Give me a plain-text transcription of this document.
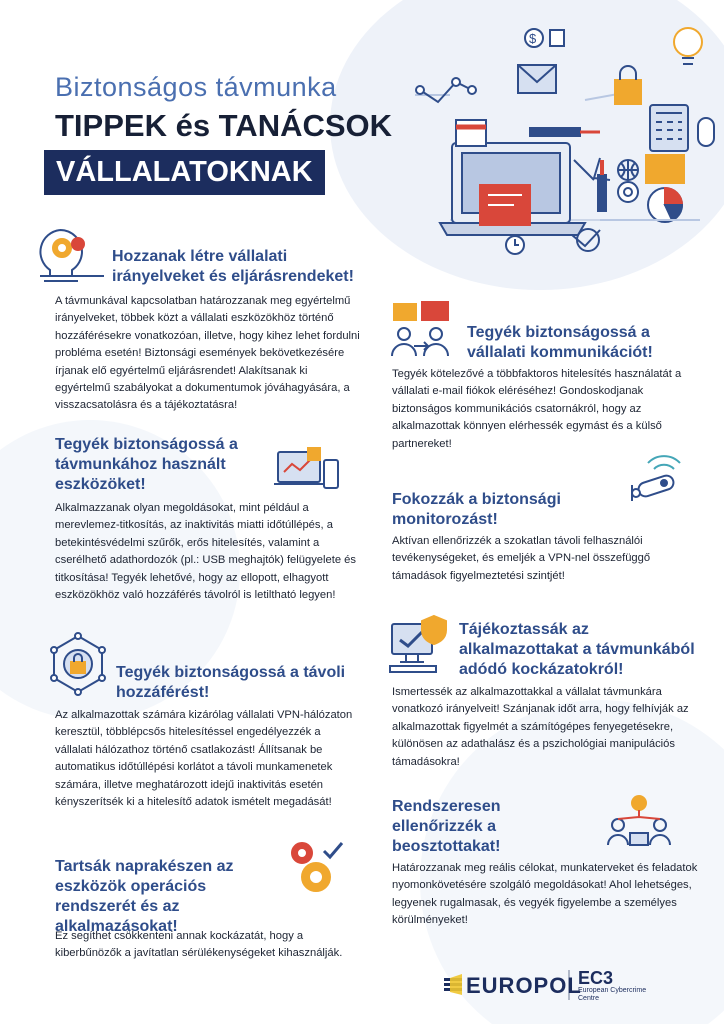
Biztonságos távmunka
TIPPEK és TANÁCSOK
VÁLLALATOKNAK
$
Hozzanak létre vállalati irányelveket és eljárásrendeket!
A távmunkával kapcsolatban határozzanak meg egyértelmű irányelveket, többek közt a vállalati eszközökhöz történő hozzáférésekre vonatkozóan, illetve, hogy kihez lehet fordulni probléma esetén! Biztonsági események bekövetkezésére írjanak elő egyértelmű eljárásrendet! Alakítsanak ki egyértelmű szabályokat a dokumentumok jóváhagyására, a visszacsatolásra és a tájékoztatásra!
Tegyék biztonságossá a távmunkához használt eszközöket!
Alkalmazzanak olyan megoldásokat, mint például a merevlemez-titkosítás, az inaktivitás miatti időtúllépés, a betekintésvédelmi szűrők, erős hitelesítés, valamint a cserélhető adathordozók (pl.: USB meghajtók) felügyelete és titkosítása! Tegyék lehetővé, hogy az ellopott, elhagyott eszközökhöz való hozzáférés távolról is letiltható legyen!
Tegyék biztonságossá a távoli hozzáférést!
Az alkalmazottak számára kizárólag vállalati VPN-hálózaton keresztül, többlépcsős hitelesítéssel engedélyezzék a vállalati hálózathoz történő csatlakozást! Állítsanak be automatikus időtúllépési korlátot a távoli munkamenetek számára, illetve meghatározott idejű inaktivitás esetén kényszerítsék ki a hitelesítő adatok ismételt megadását!
Tartsák naprakészen az eszközök operációs rendszerét és az alkalmazásokat!
Ez segíthet csökkenteni annak kockázatát, hogy a kiberbűnözők a javítatlan sérülékenységeket kihasználják.
Tegyék biztonságossá a vállalati kommunikációt!
Tegyék kötelezővé a többfaktoros hitelesítés használatát a vállalati e-mail fiókok eléréséhez! Gondoskodjanak biztonságos kommunikációs csatornákról, hogy az alkalmazottak könnyen elérhessék egymást és a külső partnereket!
Fokozzák a biztonsági monitorozást!
Aktívan ellenőrizzék a szokatlan távoli felhasználói tevékenységeket, és emeljék a VPN-nel összefüggő támadások figyelmeztetési szintjét!
Tájékoztassák az alkalmazottakat a távmunkából adódó kockázatokról!
Ismertessék az alkalmazottakkal a vállalat távmunkára vonatkozó irányelveit! Szánjanak időt arra, hogy felhívják az alkalmazottak figyelmét a számítógépes fenyegetésekre, különösen az adathalász és a pszichológiai manipulációs támadásokra!
Rendszeresen ellenőrizzék a beosztottakat!
Határozzanak meg reális célokat, munkaterveket és feladatok nyomonkövetésére szolgáló megoldásokat! Ahol lehetséges, legyenek rugalmasak, és vegyék figyelembe a személyes körülményeket!
EUROPOL
EC3
European Cybercrime
Centre
